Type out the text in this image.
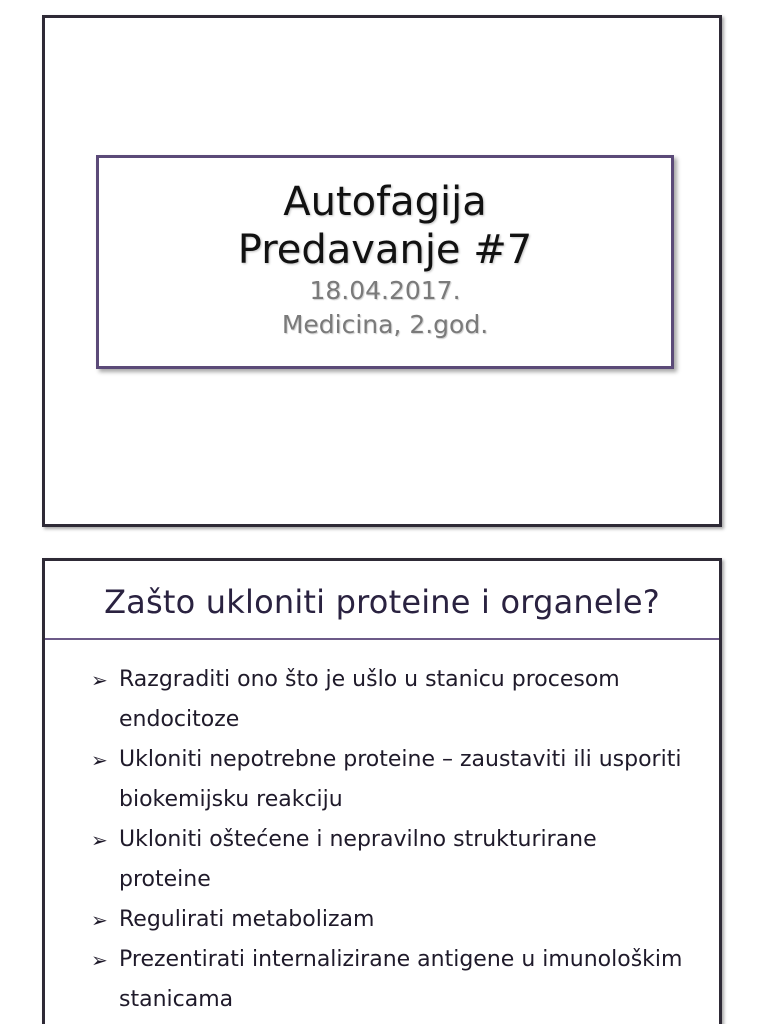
Autofagija
Predavanje #7
18.04.2017.
Medicina, 2.god.
Zašto ukloniti proteine i organele?
➢ Razgraditi ono što je ušlo u stanicu procesom endocitoze
➢ Ukloniti nepotrebne proteine – zaustaviti ili usporiti biokemijsku reakciju
➢ Ukloniti oštećene i nepravilno strukturirane proteine
➢ Regulirati metabolizam
➢ Prezentirati internalizirane antigene u imunološkim stanicama
